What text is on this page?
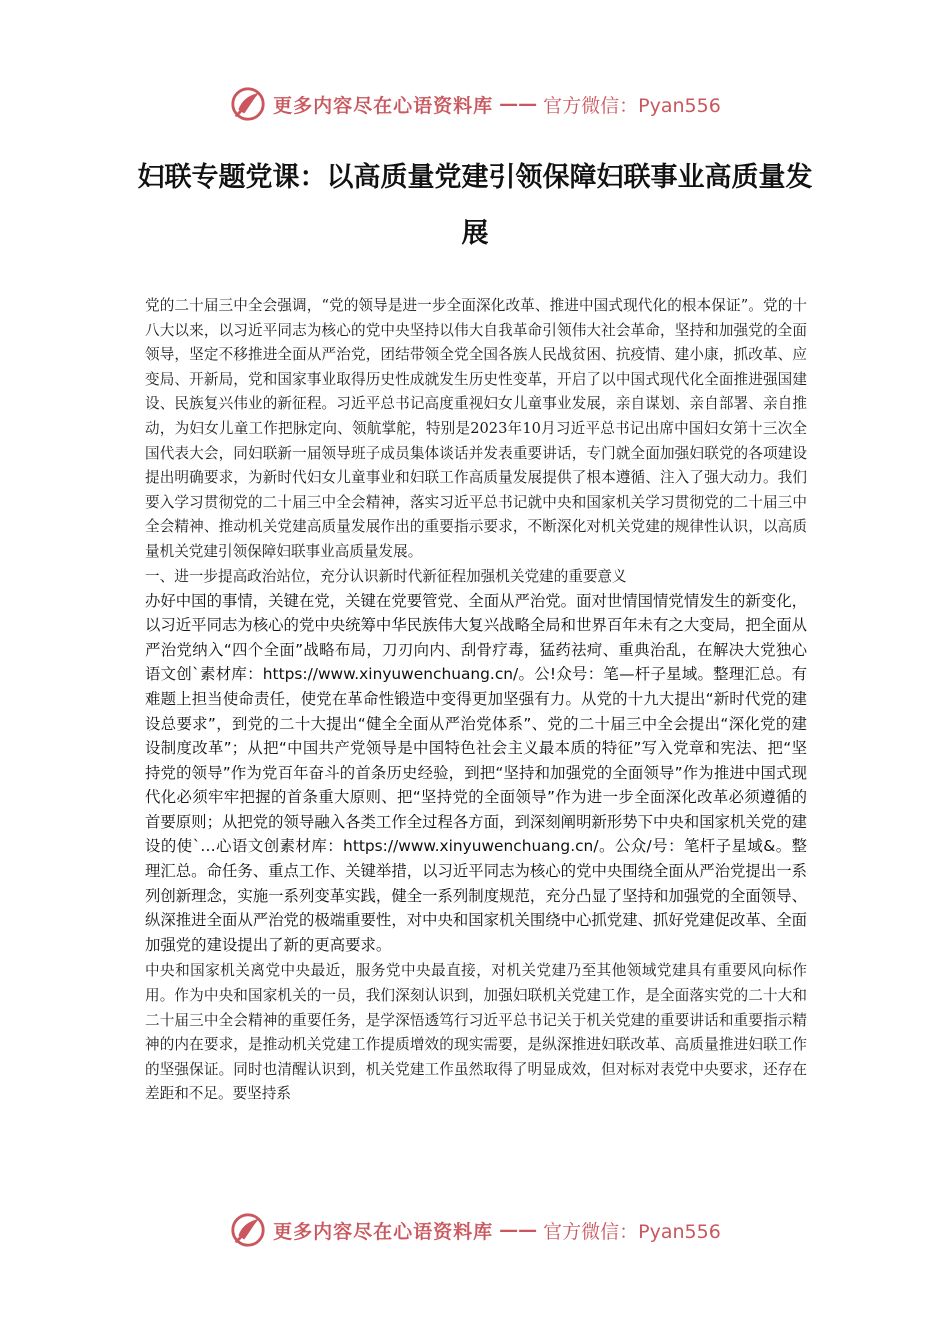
更多内容尽在心语资料库 —— 官方微信：Pyan556
妇联专题党课：以高质量党建引领保障妇联事业高质量发展

党的二十届三中全会强调，“党的领导是进一步全面深化改革、推进中国式现代化的根本保证”。党的十八大以来，以习近平同志为核心的党中央坚持以伟大自我革命引领伟大社会革命，坚持和加强党的全面领导，坚定不移推进全面从严治党，团结带领全党全国各族人民战贫困、抗疫情、建小康，抓改革、应变局、开新局，党和国家事业取得历史性成就发生历史性变革，开启了以中国式现代化全面推进强国建设、民族复兴伟业的新征程。习近平总书记高度重视妇女儿童事业发展，亲自谋划、亲自部署、亲自推动，为妇女儿童工作把脉定向、领航掌舵，特别是2023年10月习近平总书记出席中国妇女第十三次全国代表大会，同妇联新一届领导班子成员集体谈话并发表重要讲话，专门就全面加强妇联党的各项建设提出明确要求，为新时代妇女儿童事业和妇联工作高质量发展提供了根本遵循、注入了强大动力。我们要入学习贯彻党的二十届三中全会精神，落实习近平总书记就中央和国家机关学习贯彻党的二十届三中全会精神、推动机关党建高质量发展作出的重要指示要求，不断深化对机关党建的规律性认识，以高质量机关党建引领保障妇联事业高质量发展。

一、进一步提高政治站位，充分认识新时代新征程加强机关党建的重要意义

办好中国的事情，关键在党，关键在党要管党、全面从严治党。面对世情国情党情发生的新变化，以习近平同志为核心的党中央统筹中华民族伟大复兴战略全局和世界百年未有之大变局，把全面从严治党纳入“四个全面”战略布局，刀刃向内、刮骨疗毒，猛药祛疴、重典治乱，在解决大党独心语文创`素材库：https://www.xinyuwenchuang.cn/。公!众号：笔—杆子星域。整理汇总。有难题上担当使命责任，使党在革命性锻造中变得更加坚强有力。从党的十九大提出“新时代党的建设总要求”，到党的二十大提出“健全全面从严治党体系”、党的二十届三中全会提出“深化党的建设制度改革”；从把“中国共产党领导是中国特色社会主义最本质的特征”写入党章和宪法、把“坚持党的领导”作为党百年奋斗的首条历史经验，到把“坚持和加强党的全面领导”作为推进中国式现代化必须牢牢把握的首条重大原则、把“坚持党的全面领导”作为进一步全面深化改革必须遵循的首要原则；从把党的领导融入各类工作全过程各方面，到深刻阐明新形势下中央和国家机关党的建设的使`…心语文创素材库：https://www.xinyuwenchuang.cn/。公众/号：笔杆子星域&。整理汇总。命任务、重点工作、关键举措，以习近平同志为核心的党中央围绕全面从严治党提出一系列创新理念，实施一系列变革实践，健全一系列制度规范，充分凸显了坚持和加强党的全面领导、纵深推进全面从严治党的极端重要性，对中央和国家机关围绕中心抓党建、抓好党建促改革、全面加强党的建设提出了新的更高要求。

中央和国家机关离党中央最近，服务党中央最直接，对机关党建乃至其他领域党建具有重要风向标作用。作为中央和国家机关的一员，我们深刻认识到，加强妇联机关党建工作，是全面落实党的二十大和二十届三中全会精神的重要任务，是学深悟透笃行习近平总书记关于机关党建的重要讲话和重要指示精神的内在要求，是推动机关党建工作提质增效的现实需要，是纵深推进妇联改革、高质量推进妇联工作的坚强保证。同时也清醒认识到，机关党建工作虽然取得了明显成效，但对标对表党中央要求，还存在差距和不足。要坚持系

更多内容尽在心语资料库 —— 官方微信：Pyan556
